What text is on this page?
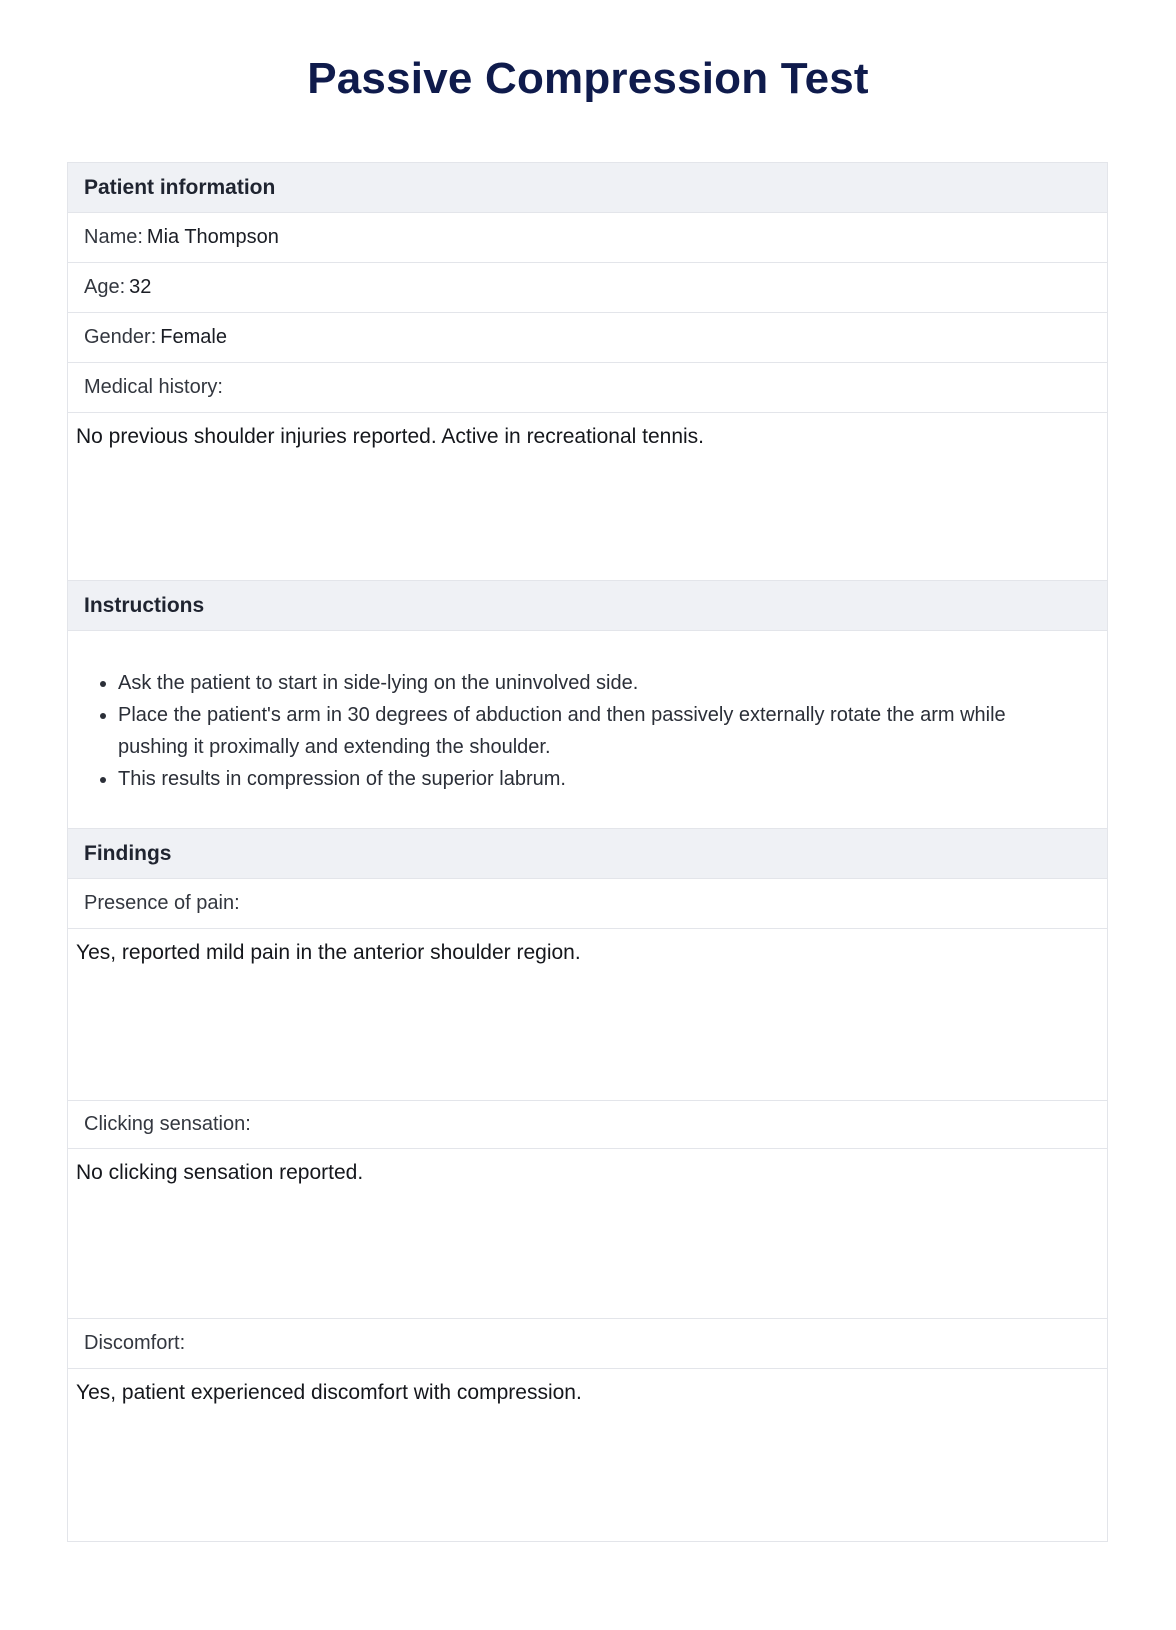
Passive Compression Test
Patient information
Name: Mia Thompson
Age: 32
Gender: Female
Medical history:
No previous shoulder injuries reported. Active in recreational tennis.
Instructions
• Ask the patient to start in side-lying on the uninvolved side.
• Place the patient's arm in 30 degrees of abduction and then passively externally rotate the arm while pushing it proximally and extending the shoulder.
• This results in compression of the superior labrum.
Findings
Presence of pain:
Yes, reported mild pain in the anterior shoulder region.
Clicking sensation:
No clicking sensation reported.
Discomfort:
Yes, patient experienced discomfort with compression.
